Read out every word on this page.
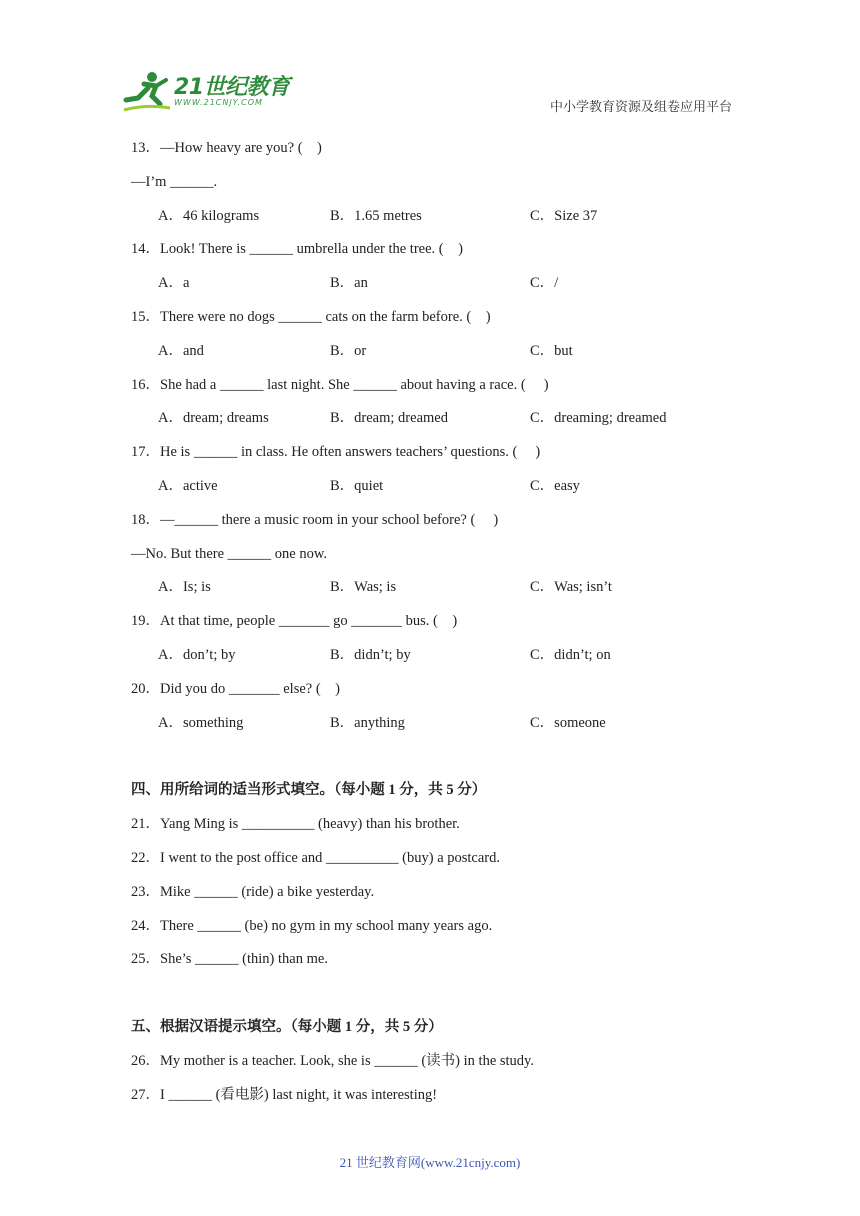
21世纪教育
WWW.21CNJY.COM	中小学教育资源及组卷应用平台
13．—How heavy are you? (　)
—I’m ______.
A．46 kilograms	B．1.65 metres	C．Size 37
14．Look! There is ______ umbrella under the tree. (　)
A．a	B．an	C．/
15．There were no dogs ______ cats on the farm before. (　)
A．and	B．or	C．but
16．She had a ______ last night. She ______ about having a race. (　 )
A．dream; dreams	B．dream; dreamed	C．dreaming; dreamed
17．He is ______ in class. He often answers teachers’ questions. (　 )
A．active	B．quiet	C．easy
18．—______ there a music room in your school before? (　 )
—No. But there ______ one now.
A．Is; is	B．Was; is	C．Was; isn’t
19．At that time, people _______ go _______ bus. (　)
A．don’t; by	B．didn’t; by	C．didn’t; on
20．Did you do _______ else? (　)
A．something	B．anything	C．someone
四、用所给词的适当形式填空。（每小题 1 分，共 5 分）
21．Yang Ming is __________ (heavy) than his brother.
22．I went to the post office and __________ (buy) a postcard.
23．Mike ______ (ride) a bike yesterday.
24．There ______ (be) no gym in my school many years ago.
25．She’s ______ (thin) than me.
五、根据汉语提示填空。（每小题 1 分，共 5 分）
26．My mother is a teacher. Look, she is ______ (读书) in the study.
27．I ______ (看电影) last night, it was interesting!
21 世纪教育网(www.21cnjy.com)
